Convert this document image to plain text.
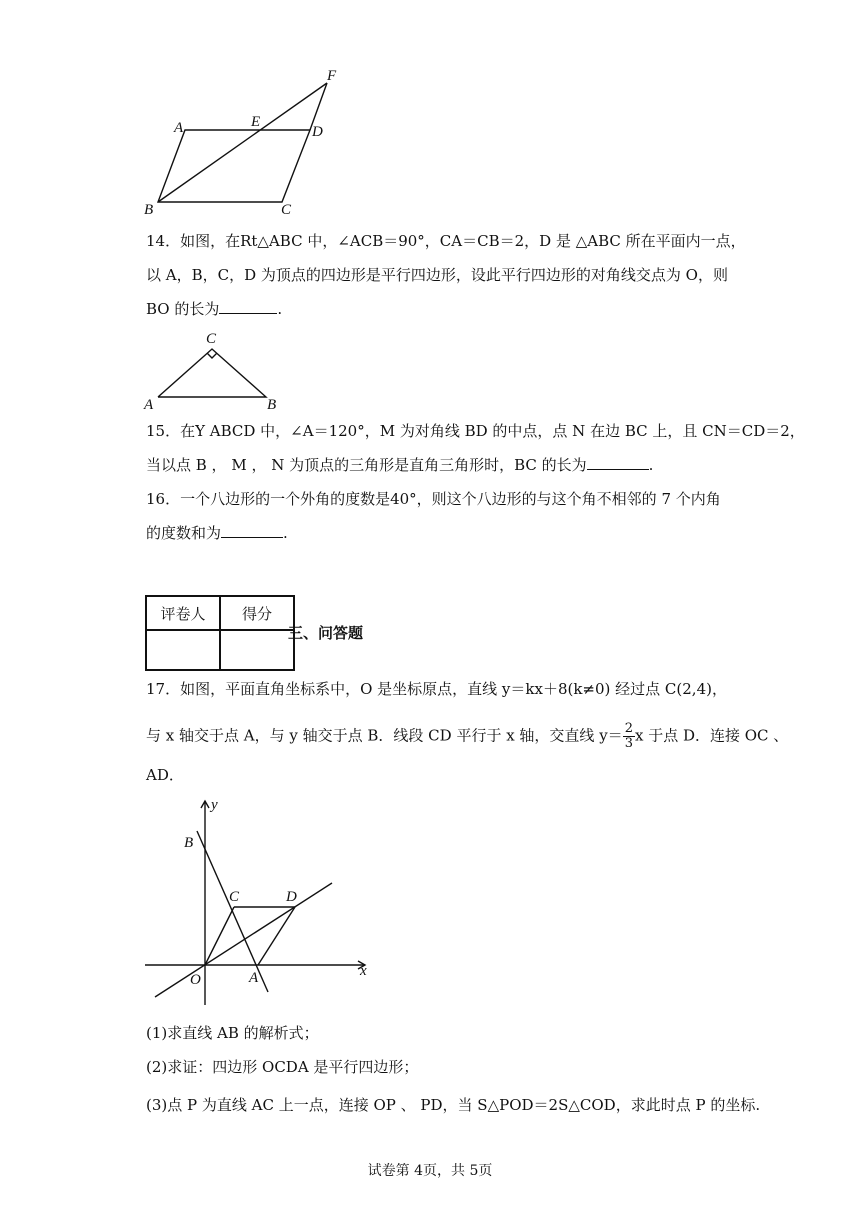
A	E
D
F
B	C
14．如图，在Rt△ABC 中，∠ACB＝90°，CA＝CB＝2，D 是 △ABC 所在平面内一点，
以 A，B，C，D 为顶点的四边形是平行四边形，设此平行四边形的对角线交点为 O，则
BO 的长为	.
C
A	B
15．在Y ABCD 中，∠A＝120°，M 为对角线 BD 的中点，点 N 在边 BC 上，且 CN＝CD＝2，
当以点 B ， M ， N 为顶点的三角形是直角三角形时，BC 的长为	.
16．一个八边形的一个外角的度数是40°，则这个八边形的与这个角不相邻的 7 个内角
的度数和为	.
评卷人	得分

三、问答题
17．如图，平面直角坐标系中，O 是坐标原点，直线 y＝kx＋8(k≠0) 经过点 C(2,4)，
与 x 轴交于点 A，与 y 轴交于点 B．线段 CD 平行于 x 轴，交直线 $y= \frac{2}{3}$ x 于点 D．连接 OC 、
AD．
y
x
B
C	D
O	A
(1)求直线 AB 的解析式；
(2)求证：四边形 OCDA 是平行四边形；
(3)点 P 为直线 AC 上一点，连接 OP 、 PD，当 S△POD＝2S△COD，求此时点 P 的坐标.
试卷第 4页，共 5页
